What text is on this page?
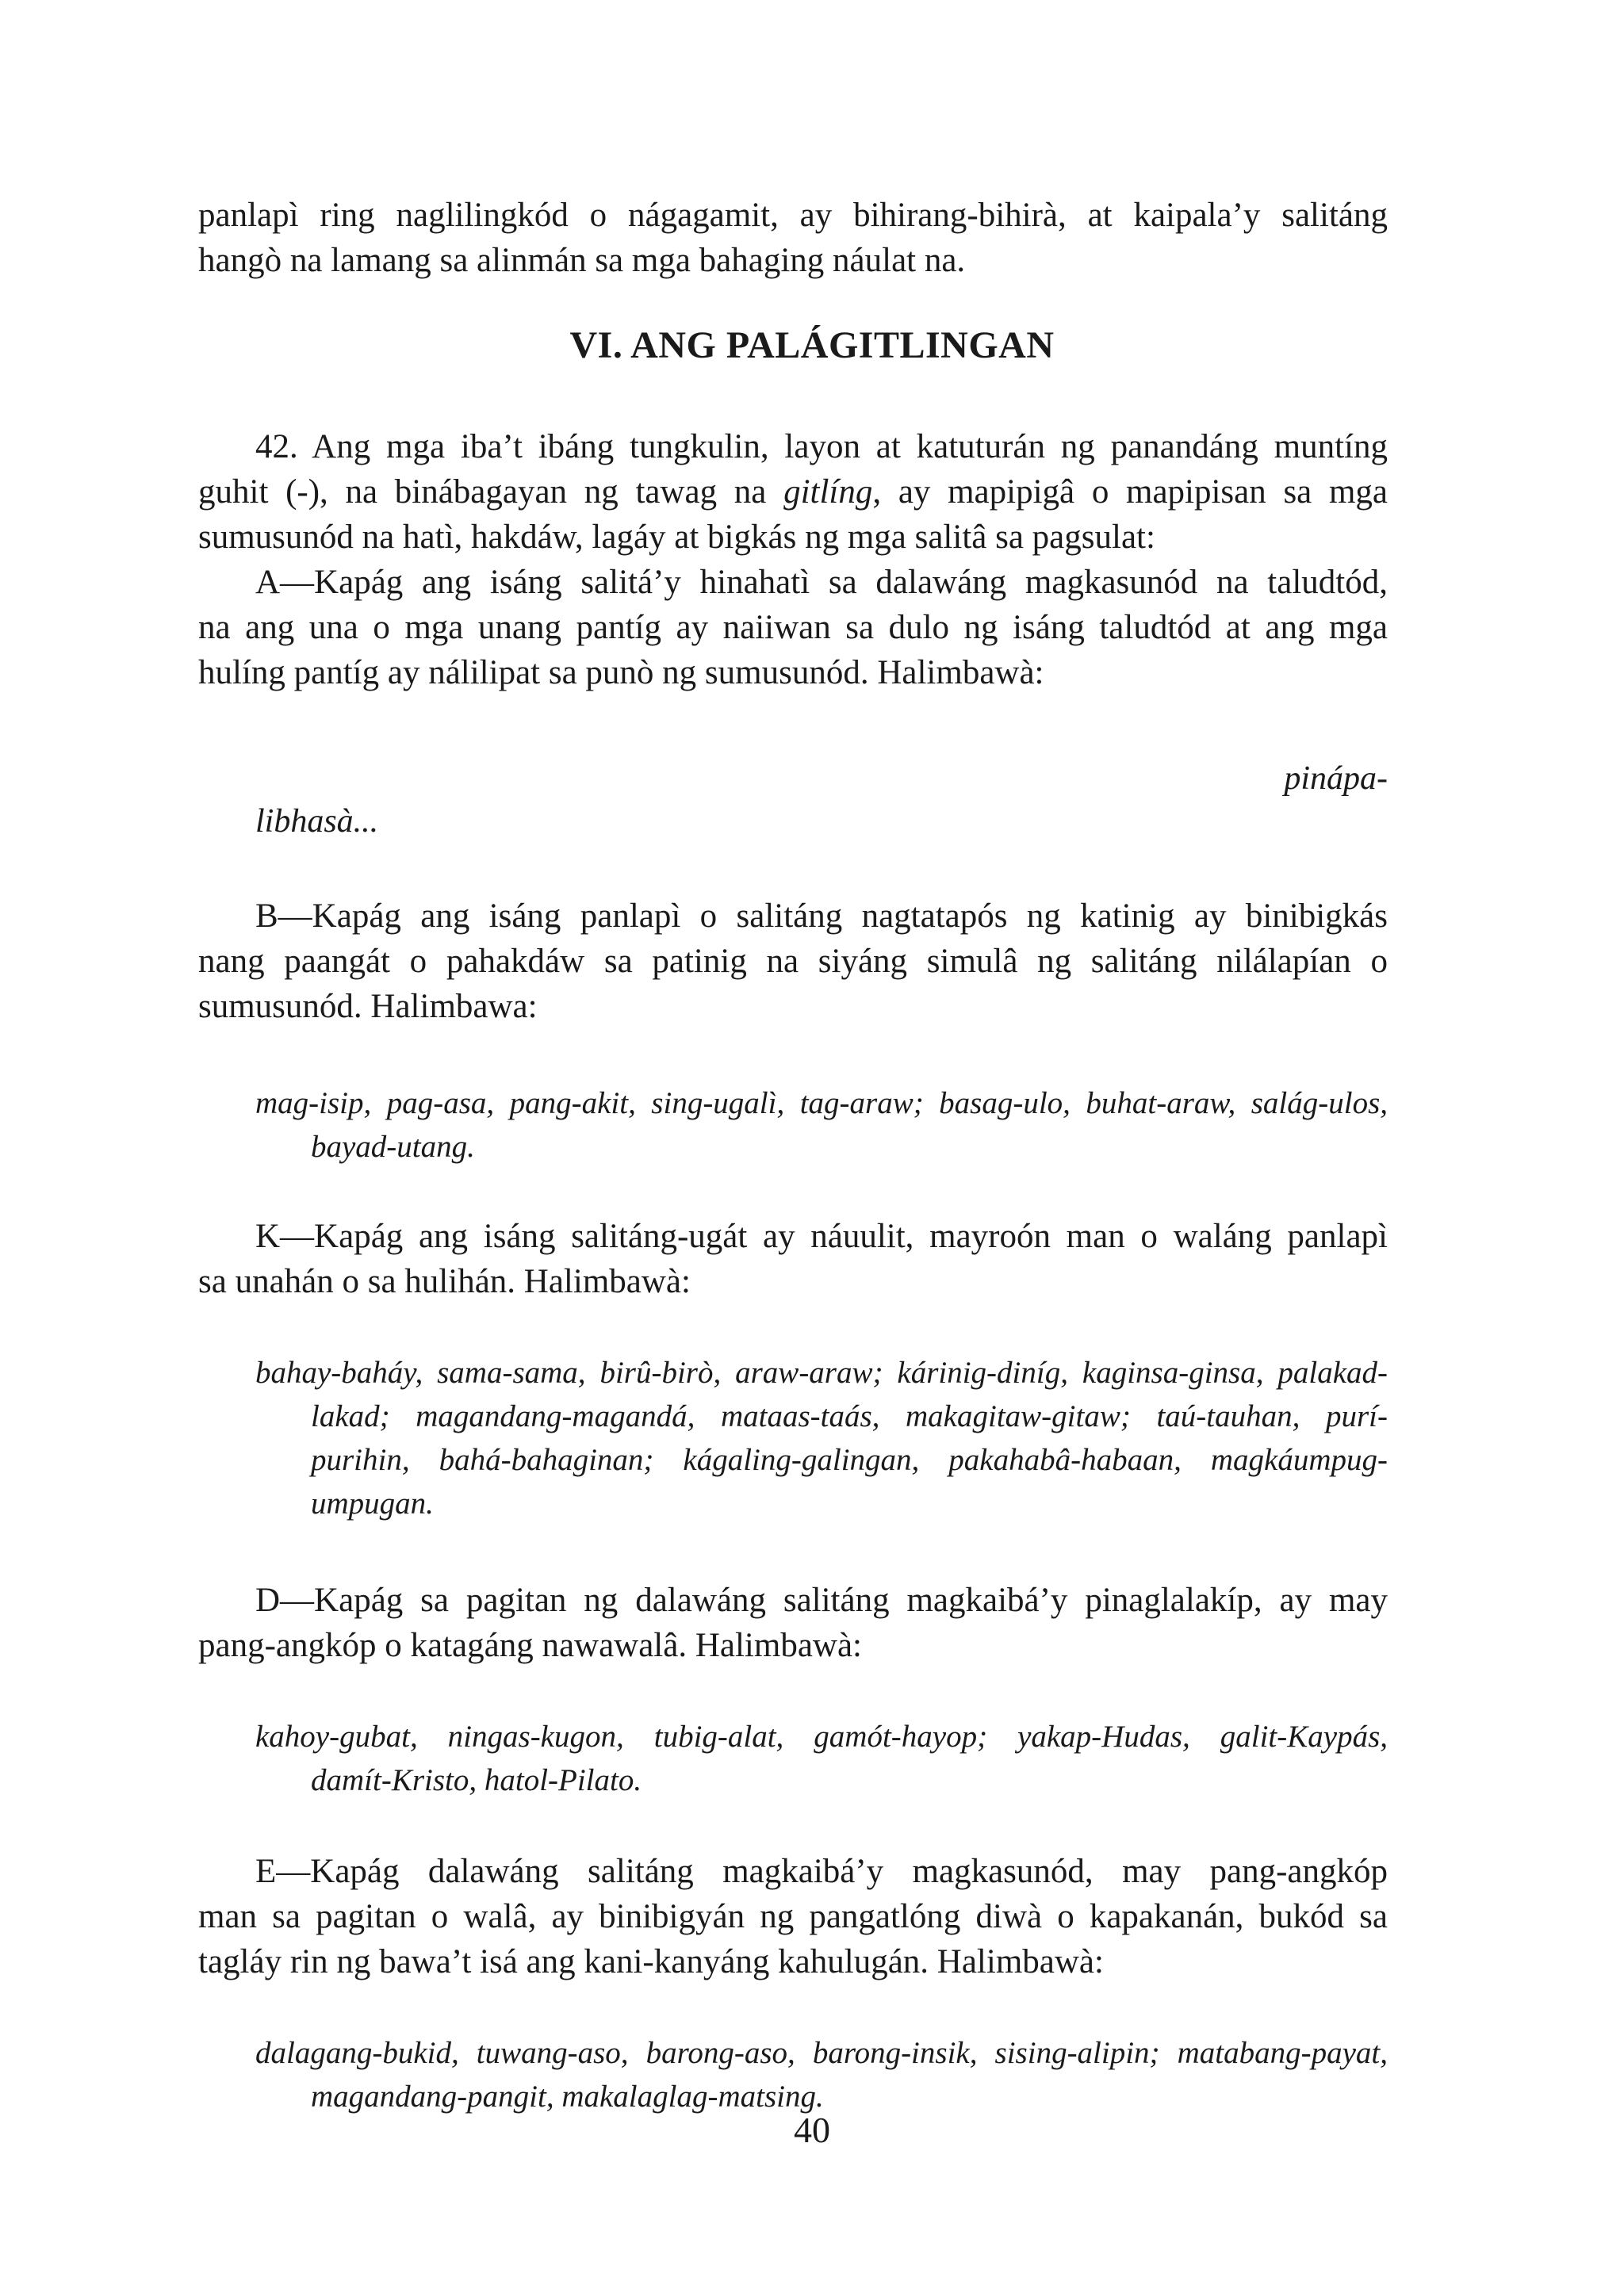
panlapì ring naglilingkód o nágagamit, ay bihirang-bihirà, at kaipala’y salitáng
hangò na lamang sa alinmán sa mga bahaging náulat na.
VI. ANG PALÁGITLINGAN
42. Ang mga iba’t ibáng tungkulin, layon at katuturán ng panandáng muntíng
guhit (-), na binábagayan ng tawag na gitlíng, ay mapipigâ o mapipisan sa mga
sumusunód na hatì, hakdáw, lagáy at bigkás ng mga salitâ sa pagsulat:
A—Kapág ang isáng salitá’y hinahatì sa dalawáng magkasunód na taludtód,
na ang una o mga unang pantíg ay naiiwan sa dulo ng isáng taludtód at ang mga
hulíng pantíg ay nálilipat sa punò ng sumusunód. Halimbawà:
pinápa-
libhasà...
B—Kapág ang isáng panlapì o salitáng nagtatapós ng katinig ay binibigkás
nang paangát o pahakdáw sa patinig na siyáng simulâ ng salitáng nilálapían o
sumusunód. Halimbawa:
mag-isip, pag-asa, pang-akit, sing-ugalì, tag-araw; basag-ulo, buhat-araw, salág-ulos,
bayad-utang.
K—Kapág ang isáng salitáng-ugát ay náuulit, mayroón man o waláng panlapì
sa unahán o sa hulihán. Halimbawà:
bahay-baháy, sama-sama, birû-birò, araw-araw; kárinig-diníg, kaginsa-ginsa, palakad-
lakad; magandang-magandá, mataas-taás, makagitaw-gitaw; taú-tauhan, purí-
purihin, bahá-bahaginan; kágaling-galingan, pakahabâ-habaan, magkáumpug-
umpugan.
D—Kapág sa pagitan ng dalawáng salitáng magkaibá’y pinaglalakíp, ay may
pang-angkóp o katagáng nawawalâ. Halimbawà:
kahoy-gubat, ningas-kugon, tubig-alat, gamót-hayop; yakap-Hudas, galit-Kaypás,
damít-Kristo, hatol-Pilato.
E—Kapág dalawáng salitáng magkaibá’y magkasunód, may pang-angkóp
man sa pagitan o walâ, ay binibigyán ng pangatlóng diwà o kapakanán, bukód sa
tagláy rin ng bawa’t isá ang kani-kanyáng kahulugán. Halimbawà:
dalagang-bukid, tuwang-aso, barong-aso, barong-insik, sising-alipin; matabang-payat,
magandang-pangit, makalaglag-matsing.
40
